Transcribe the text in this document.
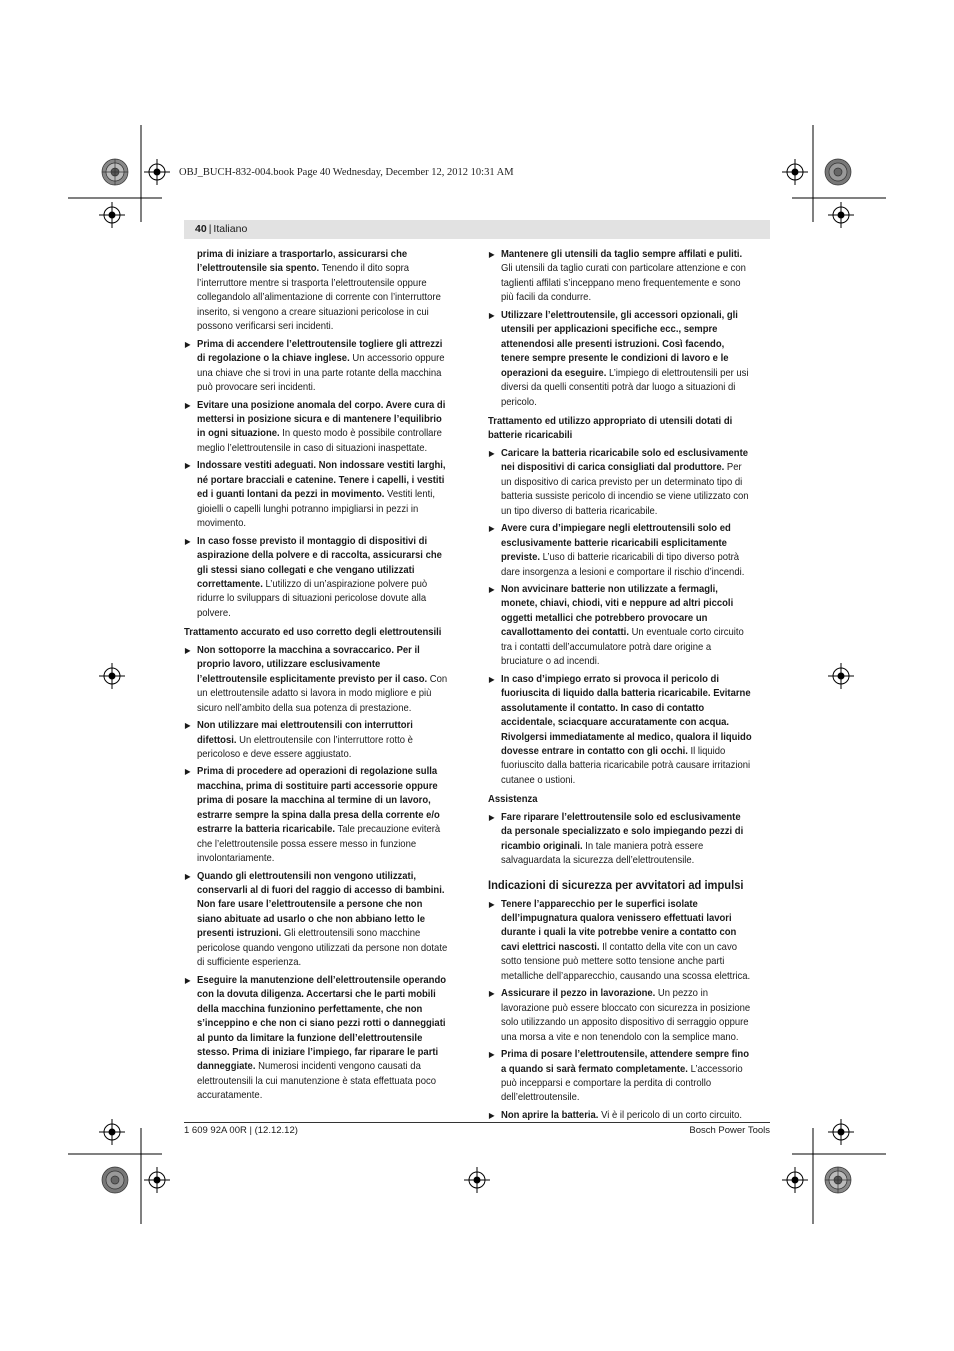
OBJ_BUCH-832-004.book Page 40 Wednesday, December 12, 2012 10:31 AM
40 | Italiano

prima di iniziare a trasportarlo, assicurarsi che l’elettroutensile sia spento. Tenendo il dito sopra l’interruttore mentre si trasporta l’elettroutensile oppure collegandolo all’alimentazione di corrente con l’interruttore inserito, si vengono a creare situazioni pericolose in cui possono verificarsi seri incidenti.

▶ Prima di accendere l’elettroutensile togliere gli attrezzi di regolazione o la chiave inglese. Un accessorio oppure una chiave che si trovi in una parte rotante della macchina può provocare seri incidenti.
▶ Evitare una posizione anomala del corpo. Avere cura di mettersi in posizione sicura e di mantenere l’equilibrio in ogni situazione. In questo modo è possibile controllare meglio l’elettroutensile in caso di situazioni inaspettate.
▶ Indossare vestiti adeguati. Non indossare vestiti larghi, né portare bracciali e catenine. Tenere i capelli, i vestiti ed i guanti lontani da pezzi in movimento. Vestiti lenti, gioielli o capelli lunghi potranno impigliarsi in pezzi in movimento.
▶ In caso fosse previsto il montaggio di dispositivi di aspirazione della polvere e di raccolta, assicurarsi che gli stessi siano collegati e che vengano utilizzati correttamente. L’utilizzo di un’aspirazione polvere può ridurre lo sviluppars di situazioni pericolose dovute alla polvere.
Trattamento accurato ed uso corretto degli elettroutensili
▶ Non sottoporre la macchina a sovraccarico. Per il proprio lavoro, utilizzare esclusivamente l’elettroutensile esplicitamente previsto per il caso. Con un elettroutensile adatto si lavora in modo migliore e più sicuro nell’ambito della sua potenza di prestazione.
▶ Non utilizzare mai elettroutensili con interruttori difettosi. Un elettroutensile con l’interruttore rotto è pericoloso e deve essere aggiustato.
▶ Prima di procedere ad operazioni di regolazione sulla macchina, prima di sostituire parti accessorie oppure prima di posare la macchina al termine di un lavoro, estrarre sempre la spina dalla presa della corrente e/o estrarre la batteria ricaricabile. Tale precauzione eviterà che l’elettroutensile possa essere messo in funzione involontariamente.
▶ Quando gli elettroutensili non vengono utilizzati, conservarli al di fuori del raggio di accesso di bambini. Non fare usare l’elettroutensile a persone che non siano abituate ad usarlo o che non abbiano letto le presenti istruzioni. Gli elettroutensili sono macchine pericolose quando vengono utilizzati da persone non dotate di sufficiente esperienza.
▶ Eseguire la manutenzione dell’elettroutensile operando con la dovuta diligenza. Accertarsi che le parti mobili della macchina funzionino perfettamente, che non s’inceppino e che non ci siano pezzi rotti o danneggiati al punto da limitare la funzione dell’elettroutensile stesso. Prima di iniziare l’impiego, far riparare le parti danneggiate. Numerosi incidenti vengono causati da elettroutensili la cui manutenzione è stata effettuata poco accuratamente.
▶ Mantenere gli utensili da taglio sempre affilati e puliti. Gli utensili da taglio curati con particolare attenzione e con taglienti affilati s’inceppano meno frequentemente e sono più facili da condurre.
▶ Utilizzare l’elettroutensile, gli accessori opzionali, gli utensili per applicazioni specifiche ecc., sempre attenendosi alle presenti istruzioni. Così facendo, tenere sempre presente le condizioni di lavoro e le operazioni da eseguire. L’impiego di elettroutensili per usi diversi da quelli consentiti potrà dar luogo a situazioni di pericolo.
Trattamento ed utilizzo appropriato di utensili dotati di batterie ricaricabili
▶ Caricare la batteria ricaricabile solo ed esclusivamente nei dispositivi di carica consigliati dal produttore. Per un dispositivo di carica previsto per un determinato tipo di batteria sussiste pericolo di incendio se viene utilizzato con un tipo diverso di batteria ricaricabile.
▶ Avere cura d’impiegare negli elettroutensili solo ed esclusivamente batterie ricaricabili esplicitamente previste. L’uso di batterie ricaricabili di tipo diverso potrà dare insorgenza a lesioni e comportare il rischio d’incendi.
▶ Non avvicinare batterie non utilizzate a fermagli, monete, chiavi, chiodi, viti e neppure ad altri piccoli oggetti metallici che potrebbero provocare un cavallottamento dei contatti. Un eventuale corto circuito tra i contatti dell’accumulatore potrà dare origine a bruciature o ad incendi.
▶ In caso d’impiego errato si provoca il pericolo di fuoriuscita di liquido dalla batteria ricaricabile. Evitarne assolutamente il contatto. In caso di contatto accidentale, sciacquare accuratamente con acqua. Rivolgersi immediatamente al medico, qualora il liquido dovesse entrare in contatto con gli occhi. Il liquido fuoriuscito dalla batteria ricaricabile potrà causare irritazioni cutanee o ustioni.
Assistenza
▶ Fare riparare l’elettroutensile solo ed esclusivamente da personale specializzato e solo impiegando pezzi di ricambio originali. In tale maniera potrà essere salvaguardata la sicurezza dell’elettroutensile.
Indicazioni di sicurezza per avvitatori ad impulsi
▶ Tenere l’apparecchio per le superfici isolate dell’impugnatura qualora venissero effettuati lavori durante i quali la vite potrebbe venire a contatto con cavi elettrici nascosti. Il contatto della vite con un cavo sotto tensione può mettere sotto tensione anche parti metalliche dell’apparecchio, causando una scossa elettrica.
▶ Assicurare il pezzo in lavorazione. Un pezzo in lavorazione può essere bloccato con sicurezza in posizione solo utilizzando un apposito dispositivo di serraggio oppure una morsa a vite e non tenendolo con la semplice mano.
▶ Prima di posare l’elettroutensile, attendere sempre fino a quando si sarà fermato completamente. L’accessorio può incepparsi e comportare la perdita di controllo dell’elettroutensile.
▶ Non aprire la batteria. Vi è il pericolo di un corto circuito.
1 609 92A 00R | (12.12.12)	Bosch Power Tools
